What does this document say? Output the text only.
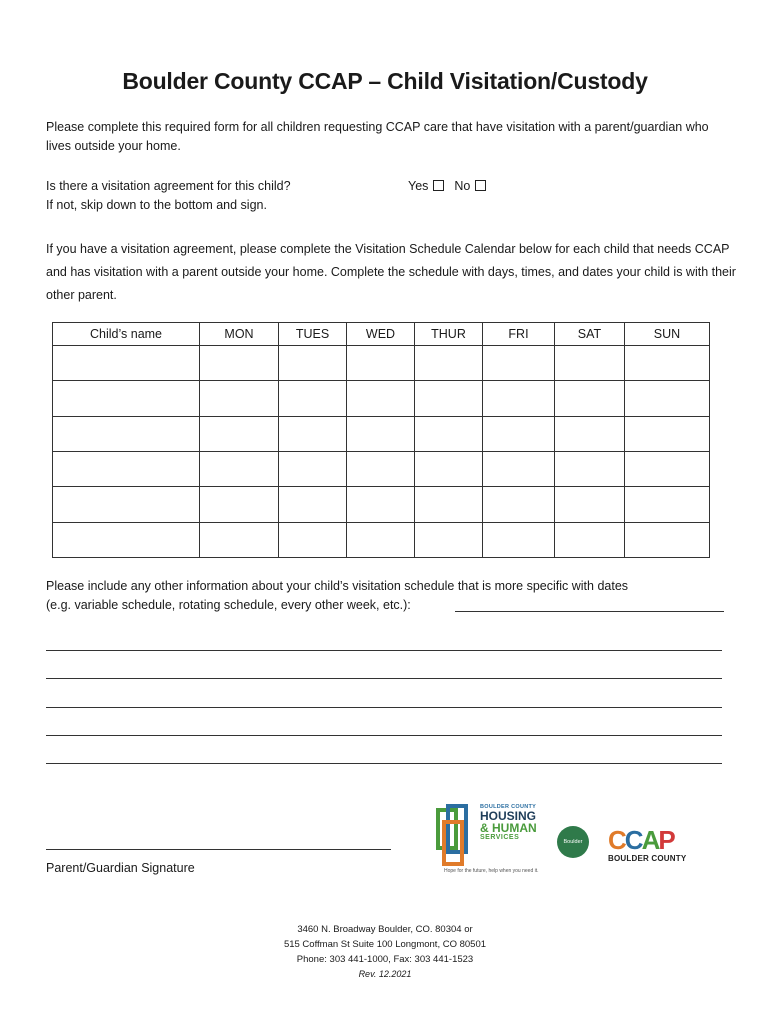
Boulder County CCAP – Child Visitation/Custody
Please complete this required form for all children requesting CCAP care that have visitation with a parent/guardian who lives outside your home.
Is there a visitation agreement for this child?
If not, skip down to the bottom and sign.
Yes No
If you have a visitation agreement, please complete the Visitation Schedule Calendar below for each child that needs CCAP and has visitation with a parent outside your home. Complete the schedule with days, times, and dates your child is with their other parent.
Child’s name	MON	TUES	WED	THUR	FRI	SAT	SUN

Please include any other information about your child’s visitation schedule that is more specific with dates
(e.g. variable schedule, rotating schedule, every other week, etc.):
Parent/Guardian Signature
BOULDER COUNTY
HOUSING
& HUMAN
SERVICES
Hope for the future, help when you need it.
Boulder County
CCAP
BOULDER COUNTY
3460 N. Broadway Boulder, CO. 80304 or
515 Coffman St Suite 100 Longmont, CO 80501
Phone: 303 441-1000, Fax: 303 441-1523
Rev. 12.2021
